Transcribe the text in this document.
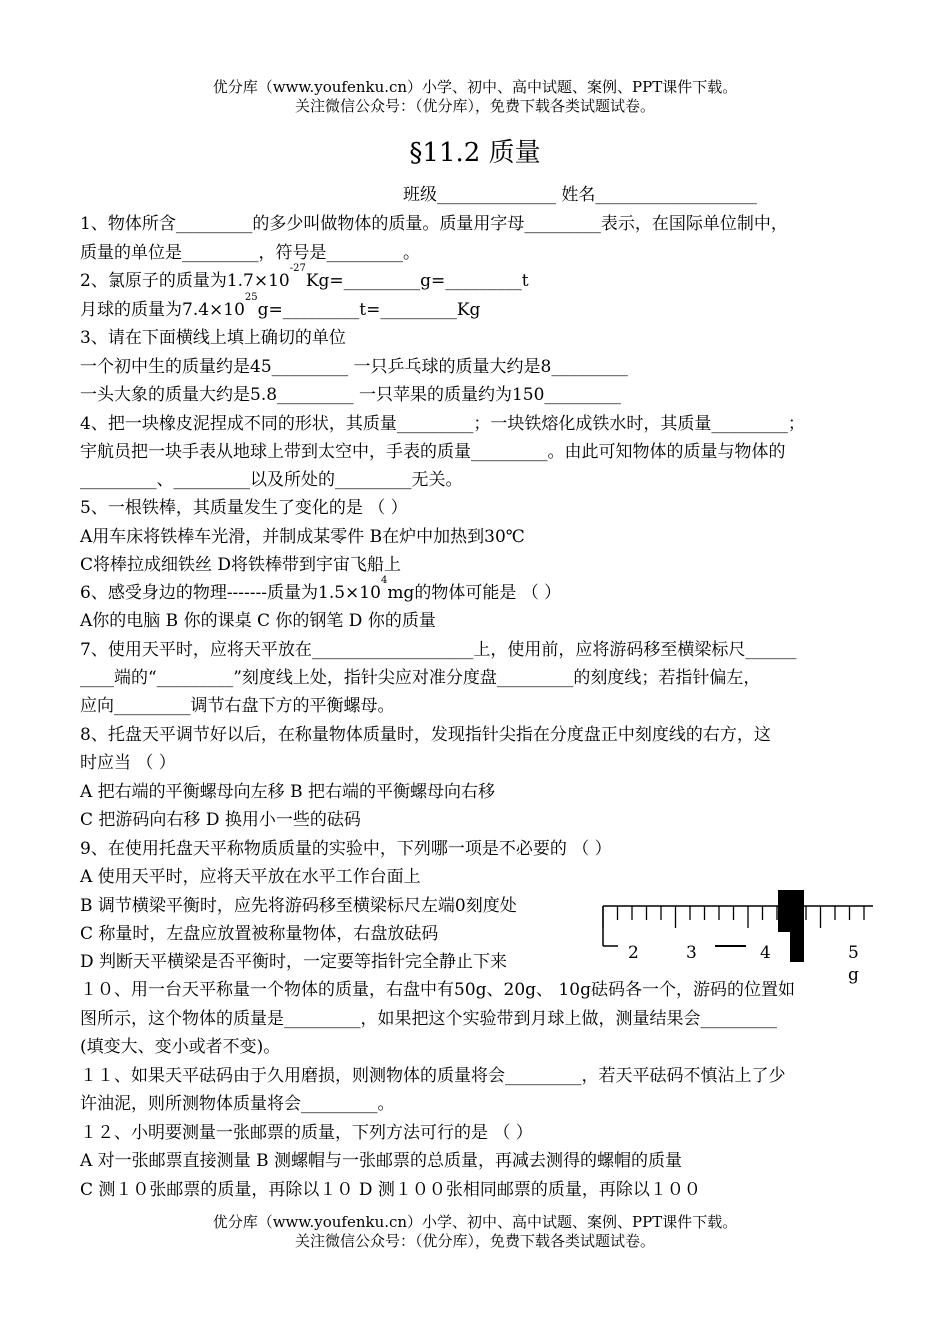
优分库（www.youfenku.cn）小学、初中、高中试题、案例、PPT课件下载。
关注微信公众号：（优分库），免费下载各类试题试卷。
§11.2 质量
班级______________ 姓名___________________
1、物体所含_________的多少叫做物体的质量。质量用字母_________表示，在国际单位制中，
质量的单位是_________，符号是_________。
2、氯原子的质量为$1.7\times 10^{-27}Kg=\_\_\_\_\_\_\_\_\_g=\_\_\_\_\_\_\_\_\_t$
月球的质量为$7.4\times 10^{25}g=\_\_\_\_\_\_\_\_\_t=\_\_\_\_\_\_\_\_\_Kg$
3、请在下面横线上填上确切的单位
一个初中生的质量约是45_________ 一只乒乓球的质量大约是8_________
一头大象的质量大约是5.8_________ 一只苹果的质量约为150_________
4、把一块橡皮泥捏成不同的形状，其质量_________；一块铁熔化成铁水时，其质量_________；
宇航员把一块手表从地球上带到太空中，手表的质量_________。由此可知物体的质量与物体的
_________、_________以及所处的_________无关。
5、一根铁棒，其质量发生了变化的是 （ ）
A用车床将铁棒车光滑，并制成某零件 B在炉中加热到30℃
C将棒拉成细铁丝 D将铁棒带到宇宙飞船上
6、感受身边的物理-------质量为$1.5\times 10^4mg$的物体可能是 （ ）
A你的电脑 B 你的课桌 C 你的钢笔 D 你的质量
7、使用天平时，应将天平放在___________________上，使用前，应将游码移至横梁标尺______
____端的“_________”刻度线上处，指针尖应对准分度盘_________的刻度线；若指针偏左，
应向_________调节右盘下方的平衡螺母。
8、托盘天平调节好以后，在称量物体质量时，发现指针尖指在分度盘正中刻度线的右方，这
时应当 （ ）
A 把右端的平衡螺母向左移 B 把右端的平衡螺母向右移
C 把游码向右移 D 换用小一些的砝码
9、在使用托盘天平称物质质量的实验中，下列哪一项是不必要的 （ ）
A 使用天平时，应将天平放在水平工作台面上
B 调节横梁平衡时，应先将游码移至横梁标尺左端0刻度处
C 称量时，左盘应放置被称量物体，右盘放砝码
D 判断天平横梁是否平衡时，一定要等指针完全静止下来	2	3	4	5
g
１０、用一台天平称量一个物体的质量，右盘中有50g、20g、 10g砝码各一个，游码的位置如
图所示，这个物体的质量是_________，如果把这个实验带到月球上做，测量结果会_________
(填变大、变小或者不变)。
１１、如果天平砝码由于久用磨损，则测物体的质量将会_________，若天平砝码不慎沾上了少
许油泥，则所测物体质量将会_________。
１２、小明要测量一张邮票的质量，下列方法可行的是 （ ）
A 对一张邮票直接测量 B 测螺帽与一张邮票的总质量，再减去测得的螺帽的质量
C 测１０张邮票的质量，再除以１０ D 测１００张相同邮票的质量，再除以１００
优分库（www.youfenku.cn）小学、初中、高中试题、案例、PPT课件下载。
关注微信公众号：（优分库），免费下载各类试题试卷。
